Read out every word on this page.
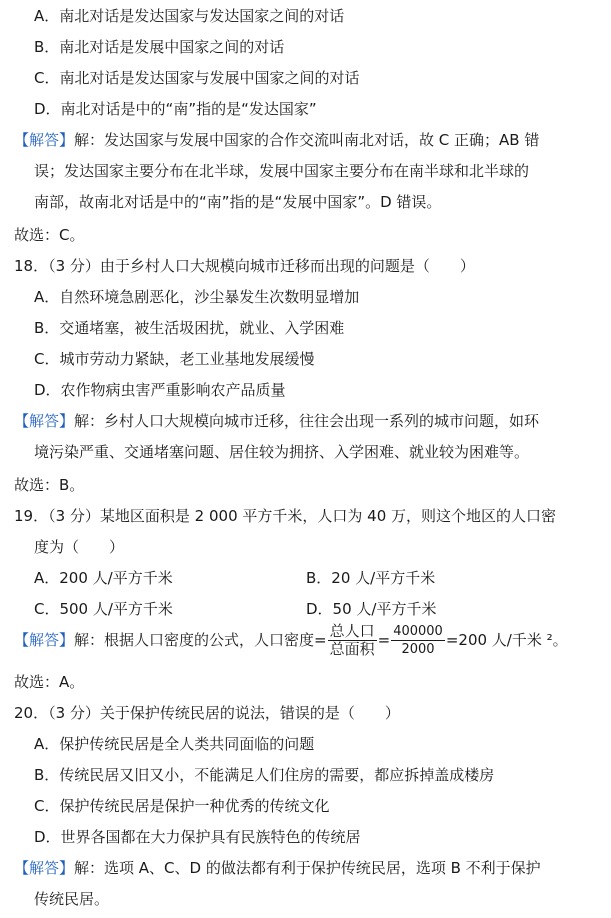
A．南北对话是发达国家与发达国家之间的对话
B．南北对话是发展中国家之间的对话
C．南北对话是发达国家与发展中国家之间的对话
D．南北对话是中的“南”指的是“发达国家”
【解答】解：发达国家与发展中国家的合作交流叫南北对话，故 C 正确；AB 错
误；发达国家主要分布在北半球，发展中国家主要分布在南半球和北半球的
南部，故南北对话是中的“南”指的是“发展中国家”。D 错误。
故选：C。
18．（3 分）由于乡村人口大规模向城市迁移而出现的问题是（　　）
A．自然环境急剧恶化，沙尘暴发生次数明显增加
B．交通堵塞，被生活圾困扰，就业、入学困难
C．城市劳动力紧缺，老工业基地发展缓慢
D．农作物病虫害严重影响农产品质量
【解答】解：乡村人口大规模向城市迁移，往往会出现一系列的城市问题，如环
境污染严重、交通堵塞问题、居住较为拥挤、入学困难、就业较为困难等。
故选：B。
19．（3 分）某地区面积是 2 000 平方千米，人口为 40 万，则这个地区的人口密
度为（　　）
A．200 人/平方千米	B．20 人/平方千米
C．500 人/平方千米	D．50 人/平方千米
【解答】解：根据人口密度的公式，人口密度= $\frac{\text{总人口}}{\text{总面积}} = \frac{400000}{2000} =200$ 人/千米 ²。
故选：A。
20．（3 分）关于保护传统民居的说法，错误的是（　　）
A．保护传统民居是全人类共同面临的问题
B．传统民居又旧又小，不能满足人们住房的需要，都应拆掉盖成楼房
C．保护传统民居是保护一种优秀的传统文化
D．世界各国都在大力保护具有民族特色的传统居
【解答】解：选项 A、C、D 的做法都有利于保护传统民居，选项 B 不利于保护
传统民居。
